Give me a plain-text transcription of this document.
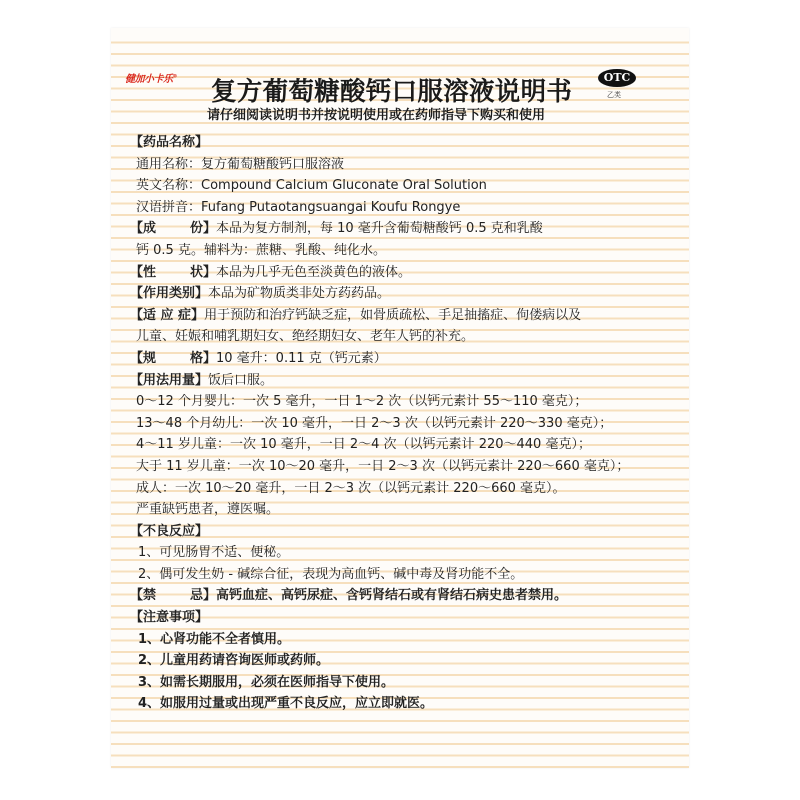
健加小卡乐®
复方葡萄糖酸钙口服溶液说明书
请仔细阅读说明书并按说明使用或在药师指导下购买和使用
OTC
乙类
【药品名称】
通用名称：复方葡萄糖酸钙口服溶液
英文名称：Compound Calcium Gluconate Oral Solution
汉语拼音：Fufang Putaotangsuangai Koufu Rongye
【成	份】 本品为复方制剂，每 10 毫升含葡萄糖酸钙 0.5 克和乳酸
钙 0.5 克。辅料为：蔗糖、乳酸、纯化水。
【性	状】 本品为几乎无色至淡黄色的液体。
【作用类别】本品为矿物质类非处方药药品。
【适 应 症】用于预防和治疗钙缺乏症，如骨质疏松、手足抽搐症、佝偻病以及
儿童、妊娠和哺乳期妇女、绝经期妇女、老年人钙的补充。
【规	格】 10 毫升：0.11 克（钙元素）
【用法用量】饭后口服。
0～12 个月婴儿：一次 5 毫升，一日 1～2 次（以钙元素计 55～110 毫克）；
13～48 个月幼儿：一次 10 毫升，一日 2～3 次（以钙元素计 220～330 毫克）；
4～11 岁儿童：一次 10 毫升，一日 2～4 次（以钙元素计 220～440 毫克）；
大于 11 岁儿童：一次 10～20 毫升，一日 2～3 次（以钙元素计 220～660 毫克）；
成人：一次 10～20 毫升，一日 2～3 次（以钙元素计 220～660 毫克）。
严重缺钙患者，遵医嘱。
【不良反应】
1、可见肠胃不适、便秘。
2、偶可发生奶 - 碱综合征，表现为高血钙、碱中毒及肾功能不全。
【禁	忌】 高钙血症、高钙尿症、含钙肾结石或有肾结石病史患者禁用。
【注意事项】
1、心肾功能不全者慎用。
2、儿童用药请咨询医师或药师。
3、如需长期服用，必须在医师指导下使用。
4、如服用过量或出现严重不良反应，应立即就医。
